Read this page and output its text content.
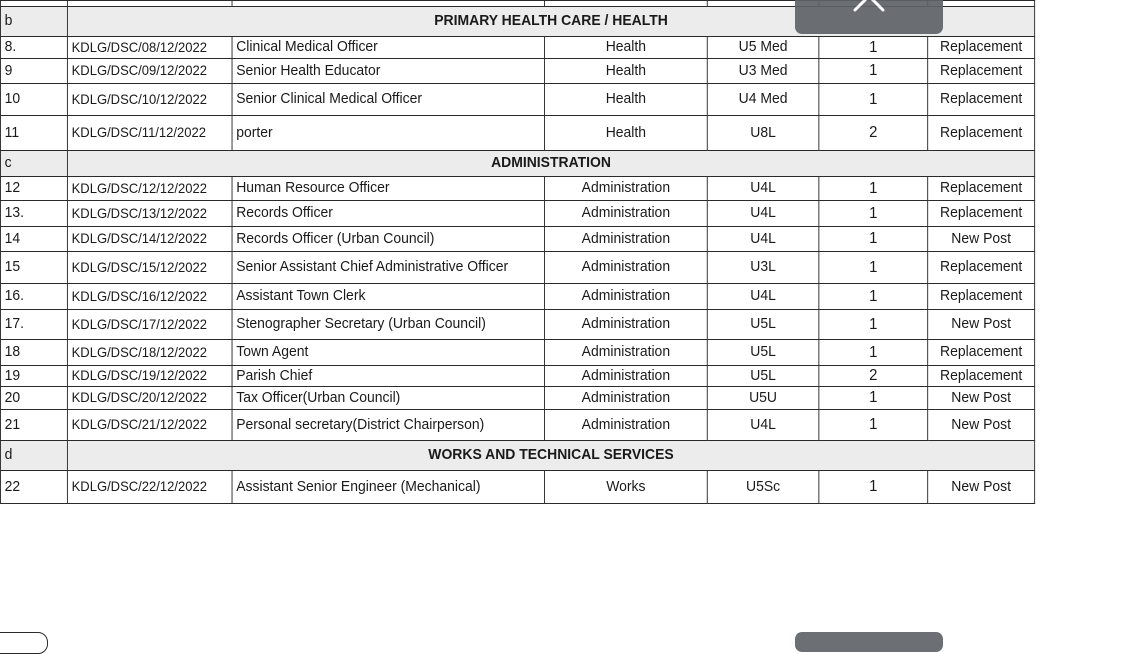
b	PRIMARY HEALTH CARE / HEALTH					
8.	KDLG/DSC/08/12/2022	Clinical Medical Officer	Health	U5 Med	1	Replacement
9	KDLG/DSC/09/12/2022	Senior Health Educator	Health	U3 Med	1	Replacement
10	KDLG/DSC/10/12/2022	Senior Clinical Medical Officer	Health	U4 Med	1	Replacement
11	KDLG/DSC/11/12/2022	porter	Health	U8L	2	Replacement
c	ADMINISTRATION					
12	KDLG/DSC/12/12/2022	Human Resource Officer	Administration	U4L	1	Replacement
13.	KDLG/DSC/13/12/2022	Records Officer	Administration	U4L	1	Replacement
14	KDLG/DSC/14/12/2022	Records Officer (Urban Council)	Administration	U4L	1	New Post
15	KDLG/DSC/15/12/2022	Senior Assistant Chief Administrative Officer	Administration	U3L	1	Replacement
16.	KDLG/DSC/16/12/2022	Assistant Town Clerk	Administration	U4L	1	Replacement
17.	KDLG/DSC/17/12/2022	Stenographer Secretary (Urban Council)	Administration	U5L	1	New Post
18	KDLG/DSC/18/12/2022	Town Agent	Administration	U5L	1	Replacement
19	KDLG/DSC/19/12/2022	Parish Chief	Administration	U5L	2	Replacement
20	KDLG/DSC/20/12/2022	Tax Officer(Urban Council)	Administration	U5U	1	New Post
21	KDLG/DSC/21/12/2022	Personal secretary(District Chairperson)	Administration	U4L	1	New Post
d	WORKS AND TECHNICAL SERVICES					
22	KDLG/DSC/22/12/2022	Assistant Senior Engineer (Mechanical)	Works	U5Sc	1	New Post
